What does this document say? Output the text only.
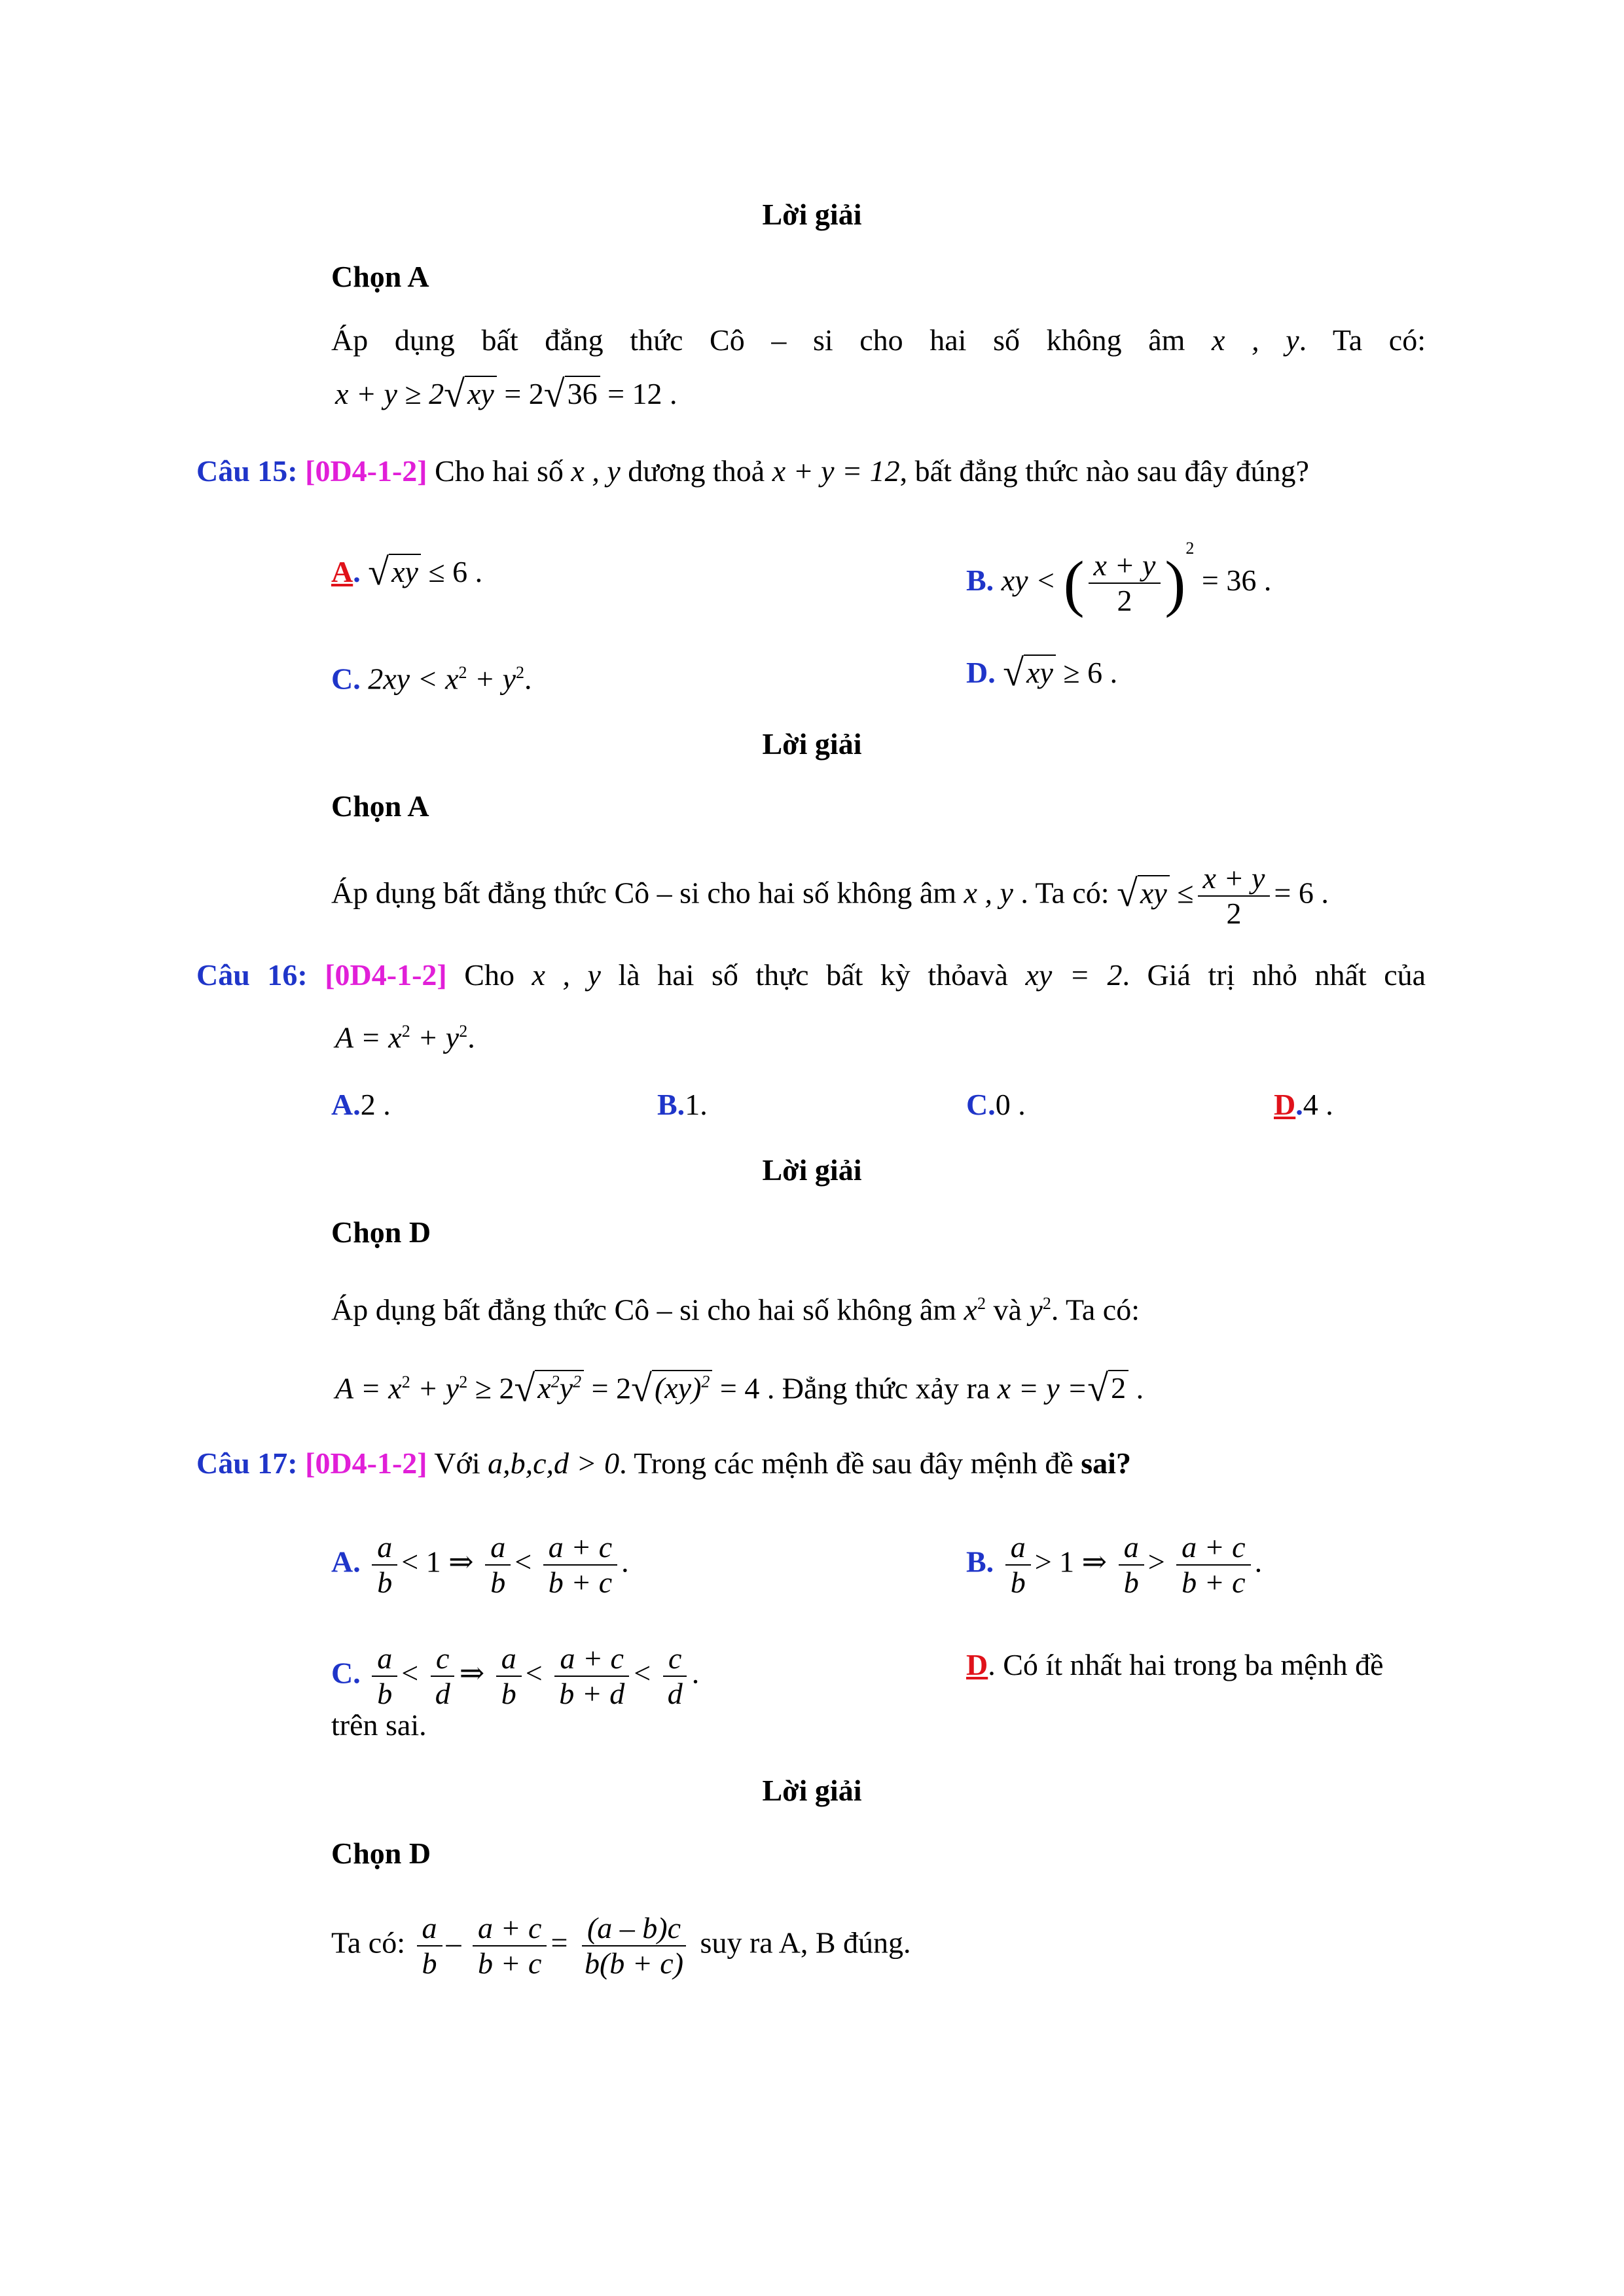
Lời giải
Chọn A
Áp dụng bất đẳng thức Cô – si cho hai số không âm x , y. Ta có:
x + y ≥ 2√xy = 2√36 = 12 .
Câu 15: [0D4-1-2] Cho hai số x , y dương thoả x + y = 12, bất đẳng thức nào sau đây đúng?
A. √xy ≤ 6 .	B. xy < ( $\frac{x + y}{2} )^2 = 36$ .
C. $2xy < x^2 + y^2$.	D. √xy ≥ 6 .
Lời giải
Chọn A
Áp dụng bất đẳng thức Cô – si cho hai số không âm x , y . Ta có: $√xy \le \frac{x + y}{2} = 6$ .
Câu 16: [0D4-1-2] Cho x , y là hai số thực bất kỳ thỏavà xy = 2. Giá trị nhỏ nhất của
$A = x^2 + y^2$.
A.2 .	B.1.	C.0 .	D.4 .
Lời giải
Chọn D
Áp dụng bất đẳng thức Cô – si cho hai số không âm $x^2$ và $y^2$. Ta có:
$A = x^2 + y^2 \ge 2√x^2y^2 = 2√(xy)^2 = 4$ . Đẳng thức xảy ra x = y =√2 .
Câu 17: [0D4-1-2] Với a,b,c,d > 0. Trong các mệnh đề sau đây mệnh đề sai?
A. $\frac{a}{b} < 1$ ⇒ $\frac{a}{b} < \frac{a + c}{b + c}$ .	B. $\frac{a}{b} > 1$ ⇒ $\frac{a}{b} > \frac{a + c}{b + c}$ .
C. $\frac{a}{b} < \frac{c}{d}$ ⇒ $\frac{a}{b} < \frac{a + c}{b + d} < \frac{c}{d}$ .	D. Có ít nhất hai trong ba mệnh đề
trên sai.
Lời giải
Chọn D
Ta có: $\frac{a}{b} - \frac{a + c}{b + c} = \frac{(a - b)c}{b(b + c)}$ suy ra A, B đúng.
